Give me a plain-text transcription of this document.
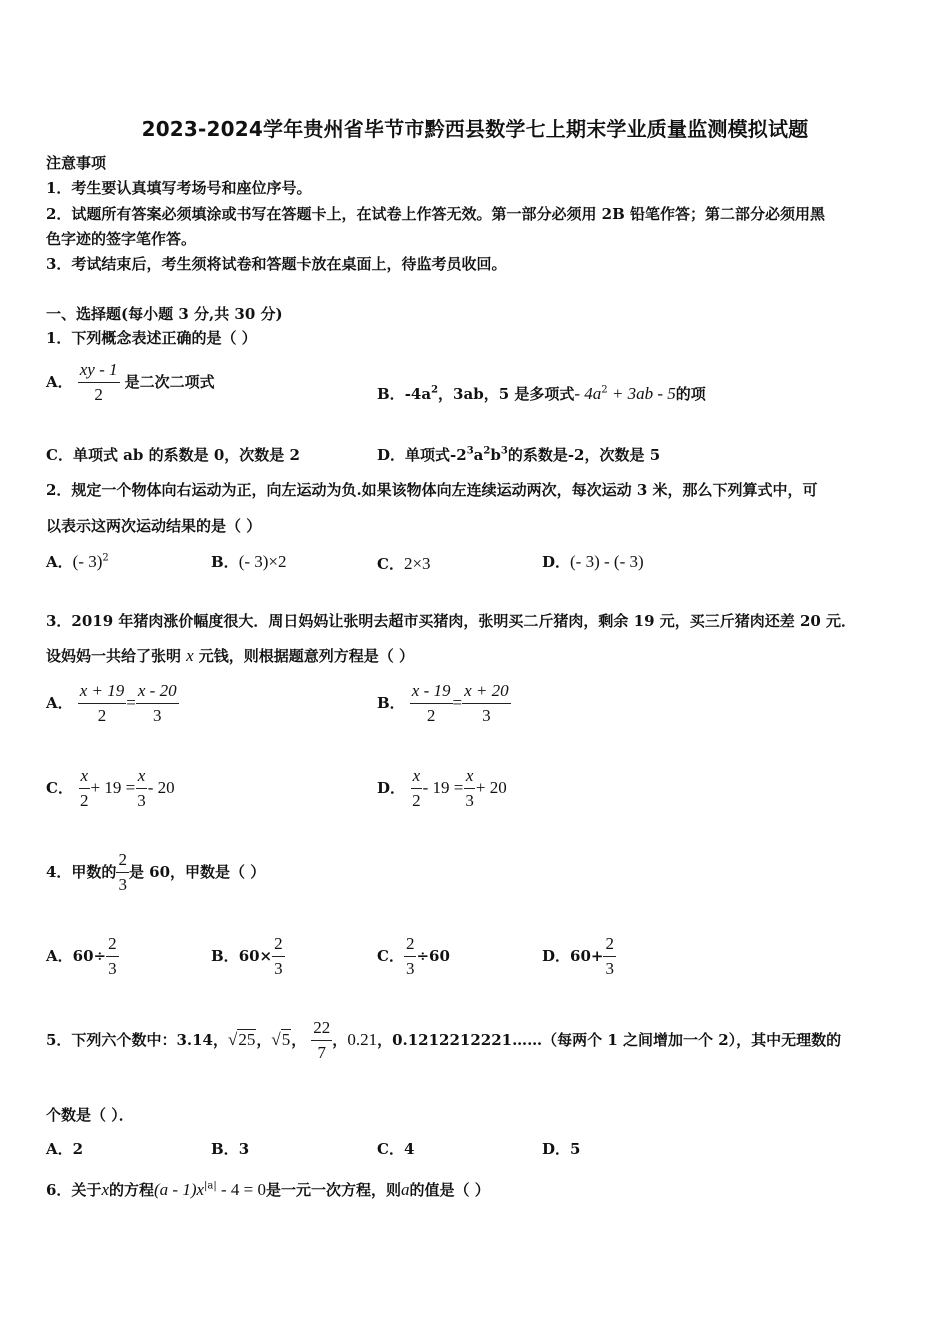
2023-2024学年贵州省毕节市黔西县数学七上期末学业质量监测模拟试题
注意事项
1．考生要认真填写考场号和座位序号。
2．试题所有答案必须填涂或书写在答题卡上，在试卷上作答无效。第一部分必须用 2B 铅笔作答；第二部分必须用黑
色字迹的签字笔作答。
3．考试结束后，考生须将试卷和答题卡放在桌面上，待监考员收回。
一、选择题(每小题 3 分,共 30 分)
1．下列概念表述正确的是（ ）
A． $\frac{xy - 1}{2}$ 是二次二项式
B．$-4a^2$，3ab，5 是多项式- $4a^2 + 3ab - 5$的项
C．单项式 ab 的系数是 0，次数是 2	D．单项式$-2^3a^2b^3$的系数是-2，次数是 5
2．规定一个物体向右运动为正，向左运动为负.如果该物体向左连续运动两次，每次运动 3 米，那么下列算式中，可
以表示这两次运动结果的是（ ）
A．(- 3)$^2$	B．(- 3)×2	C．2×3	D．(- 3) - (- 3)
3．2019 年猪肉涨价幅度很大．周日妈妈让张明去超市买猪肉，张明买二斤猪肉，剩余 19 元，买三斤猪肉还差 20 元．
设妈妈一共给了张明 x 元钱，则根据题意列方程是（ ）
A． $\frac{x + 19}{2} = \frac{x - 20}{3}$	B． $\frac{x - 19}{2} = \frac{x + 20}{3}$
C． $\frac{x}{2} + 19 = \frac{x}{3} - 20$	D． $\frac{x}{2} - 19 = \frac{x}{3} + 20$
4．甲数的 $\frac{2}{3}$ 是 60，甲数是（ ）
A．$60\div \frac{2}{3}$	B．$60\times \frac{2}{3}$	C． $\frac{2}{3} \div 60$	D．$60+ \frac{2}{3}$
5．下列六个数中：3.14，√25，√5， $\frac{22}{7}$ ，0.21，0.1212212221……（每两个 1 之间增加一个 2），其中无理数的
个数是（ ）．
A．2	B．3	C．4	D．5
6．关于x的方程$(a - 1)x^{|a|} - 4 = 0$是一元一次方程，则a的值是（ ）
